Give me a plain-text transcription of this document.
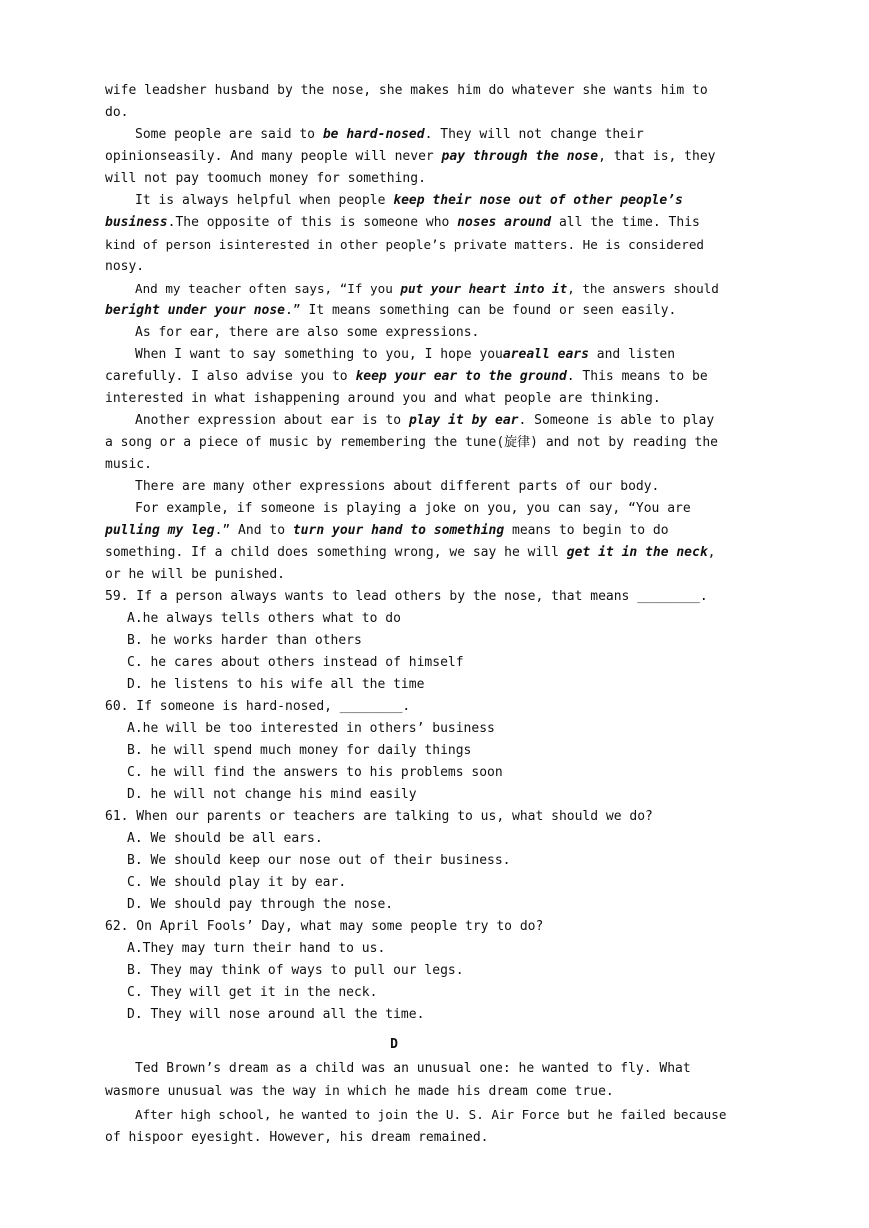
wife leadsher husband by the nose, she makes him do whatever she wants him to
do.
Some people are said to be hard-nosed. They will not change their
opinionseasily. And many people will never pay through the nose, that is, they
will not pay toomuch money for something.
It is always helpful when people keep their nose out of other people’s
business.The opposite of this is someone who noses around all the time. This
kind of person isinterested in other people’s private matters. He is considered
nosy.
And my teacher often says, “If you put your heart into it, the answers should
beright under your nose.” It means something can be found or seen easily.
As for ear, there are also some expressions.
When I want to say something to you, I hope youareall ears and listen
carefully. I also advise you to keep your ear to the ground. This means to be
interested in what ishappening around you and what people are thinking.
Another expression about ear is to play it by ear. Someone is able to play
a song or a piece of music by remembering the tune(旋律) and not by reading the
music.
There are many other expressions about different parts of our body.
For example, if someone is playing a joke on you, you can say, “You are
pulling my leg.” And to turn your hand to something means to begin to do
something. If a child does something wrong, we say he will get it in the neck,
or he will be punished.
59. If a person always wants to lead others by the nose, that means ________.
A.he always tells others what to do
B. he works harder than others
C. he cares about others instead of himself
D. he listens to his wife all the time
60. If someone is hard-nosed, ________.
A.he will be too interested in others’ business
B. he will spend much money for daily things
C. he will find the answers to his problems soon
D. he will not change his mind easily
61. When our parents or teachers are talking to us, what should we do?
A. We should be all ears.
B. We should keep our nose out of their business.
C. We should play it by ear.
D. We should pay through the nose.
62. On April Fools’ Day, what may some people try to do?
A.They may turn their hand to us.
B. They may think of ways to pull our legs.
C. They will get it in the neck.
D. They will nose around all the time.
D
Ted Brown’s dream as a child was an unusual one: he wanted to fly. What
wasmore unusual was the way in which he made his dream come true.
After high school, he wanted to join the U. S. Air Force but he failed because
of hispoor eyesight. However, his dream remained.
